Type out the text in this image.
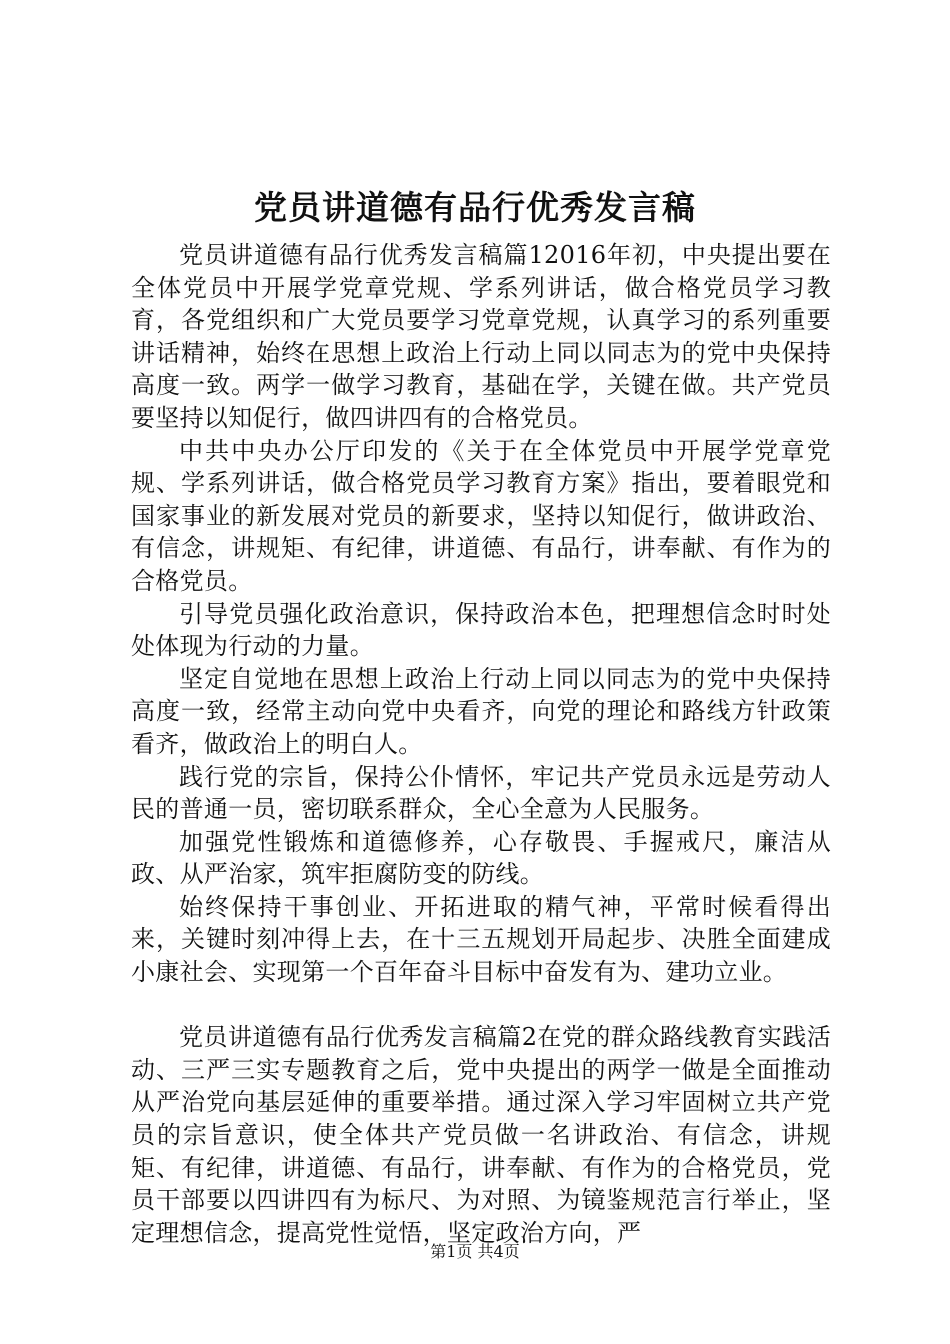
党员讲道德有品行优秀发言稿

党员讲道德有品行优秀发言稿篇12016年初，中央提出要在全体党员中开展学党章党规、学系列讲话，做合格党员学习教育，各党组织和广大党员要学习党章党规，认真学习的系列重要讲话精神，始终在思想上政治上行动上同以同志为的党中央保持高度一致。两学一做学习教育，基础在学，关键在做。共产党员要坚持以知促行，做四讲四有的合格党员。

中共中央办公厅印发的《关于在全体党员中开展学党章党规、学系列讲话，做合格党员学习教育方案》指出，要着眼党和国家事业的新发展对党员的新要求，坚持以知促行，做讲政治、有信念，讲规矩、有纪律，讲道德、有品行，讲奉献、有作为的合格党员。

引导党员强化政治意识，保持政治本色，把理想信念时时处处体现为行动的力量。

坚定自觉地在思想上政治上行动上同以同志为的党中央保持高度一致，经常主动向党中央看齐，向党的理论和路线方针政策看齐，做政治上的明白人。

践行党的宗旨，保持公仆情怀，牢记共产党员永远是劳动人民的普通一员，密切联系群众，全心全意为人民服务。

加强党性锻炼和道德修养，心存敬畏、手握戒尺，廉洁从政、从严治家，筑牢拒腐防变的防线。

始终保持干事创业、开拓进取的精气神，平常时候看得出来，关键时刻冲得上去，在十三五规划开局起步、决胜全面建成小康社会、实现第一个百年奋斗目标中奋发有为、建功立业。

党员讲道德有品行优秀发言稿篇2在党的群众路线教育实践活动、三严三实专题教育之后，党中央提出的两学一做是全面推动从严治党向基层延伸的重要举措。通过深入学习牢固树立共产党员的宗旨意识，使全体共产党员做一名讲政治、有信念，讲规矩、有纪律，讲道德、有品行，讲奉献、有作为的合格党员，党员干部要以四讲四有为标尺、为对照、为镜鉴规范言行举止，坚定理想信念，提高党性觉悟，坚定政治方向，严

第1页 共4页
